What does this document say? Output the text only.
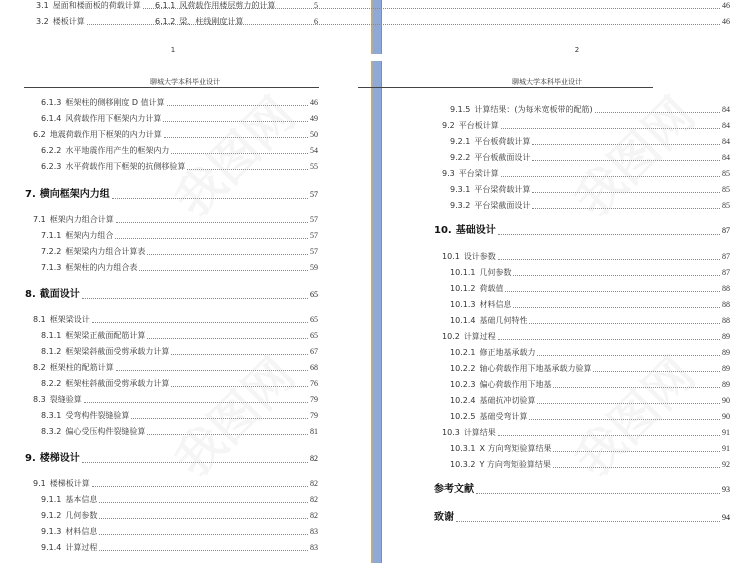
聊城大学本科毕业设计
1
3.1 屋面和楼面板的荷载计算	5
3.2 楼板计算	6
6.1.3 框架柱的侧移刚度 D 值计算	46
6.1.4 风荷载作用下框架内力计算	49
6.2 地震荷载作用下框架的内力计算	50
6.2.2 水平地震作用产生的框架内力	54
6.2.3 水平荷载作用下框架的抗侧移验算	55
7. 横向框架内力组	57
7.1 框架内力组合计算	57
7.1.1 框架内力组合	57
7.2.2 框架梁内力组合计算表	57
7.1.3 框架柱的内力组合表	59
8. 截面设计	65
8.1 框架梁设计	65
8.1.1 框架梁正截面配筋计算	65
8.1.2 框架梁斜截面受剪承载力计算	67
8.2 框架柱的配筋计算	68
8.2.2 框架柱斜截面受剪承载力计算	76
8.3 裂缝验算	79
8.3.1 受弯构件裂缝验算	79
8.3.2 偏心受压构件裂缝验算	81
9. 楼梯设计	82
9.1 楼梯板计算	82
9.1.1 基本信息	82
9.1.2 几何参数	82
9.1.3 材料信息	83
9.1.4 计算过程	83
聊城大学本科毕业设计
2
6.1.1 风荷载作用楼层剪力的计算	46
6.1.2 梁、柱线刚度计算	46
9.1.5 计算结果：(为每米宽板带的配筋)	84
9.2 平台板计算	84
9.2.1 平台板荷载计算	84
9.2.2 平台板截面设计	84
9.3 平台梁计算	85
9.3.1 平台梁荷载计算	85
9.3.2 平台梁截面设计	85
10. 基础设计	87
10.1 设计参数	87
10.1.1 几何参数	87
10.1.2 荷载值	88
10.1.3 材料信息	88
10.1.4 基础几何特性	88
10.2 计算过程	89
10.2.1 修正地基承载力	89
10.2.2 轴心荷载作用下地基承载力验算	89
10.2.3 偏心荷载作用下地基	89
10.2.4 基础抗冲切验算	90
10.2.5 基础受弯计算	90
10.3 计算结果	91
10.3.1 X 方向弯矩验算结果	91
10.3.2 Y 方向弯矩验算结果	92
参考文献	93
致谢	94
